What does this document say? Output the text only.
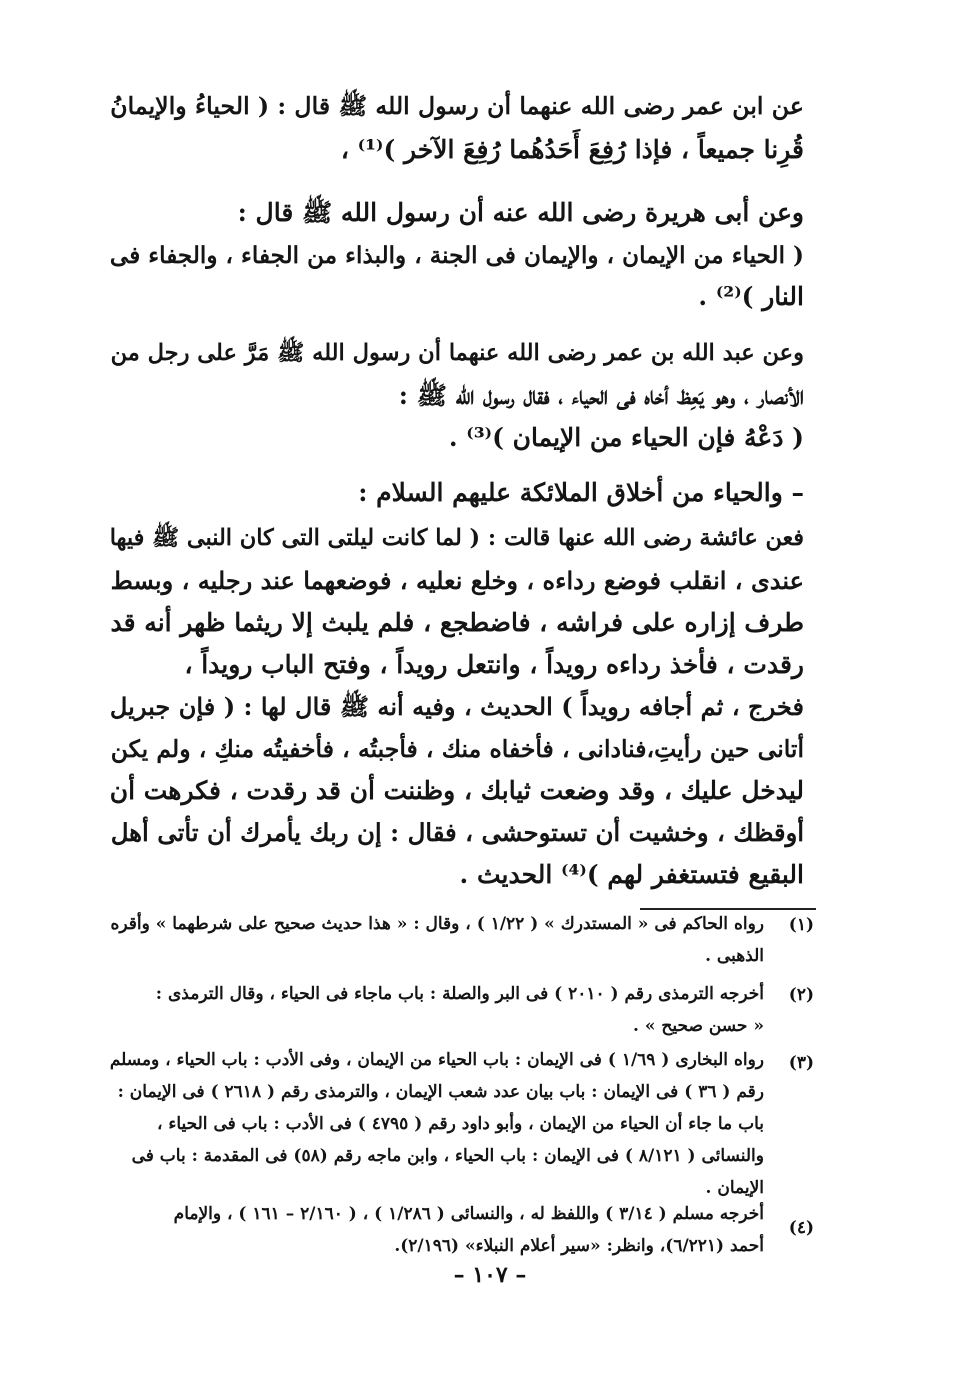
عن ابن عمر رضى الله عنهما أن رسول الله ﷺ قال : ( الحياءُ والإيمانُ
قُرِنا جميعاً ، فإذا رُفِعَ أَحَدُهُما رُفِعَ الآخر )⁽¹⁾ ،
وعن أبى هريرة رضى الله عنه أن رسول الله ﷺ قال :
( الحياء من الإيمان ، والإيمان فى الجنة ، والبذاء من الجفاء ، والجفاء فى
النار )⁽²⁾ .
وعن عبد الله بن عمر رضى الله عنهما أن رسول الله ﷺ مَرَّ على رجل من
الأنصار ، وهو يَعِظ أخاه فى الحياء ، فقال رسول الله ﷺ :
( دَعْهُ فإن الحياء من الإيمان )⁽³⁾ .
– والحياء من أخلاق الملائكة عليهم السلام :
فعن عائشة رضى الله عنها قالت : ( لما كانت ليلتى التى كان النبى ﷺ فيها
عندى ، انقلب فوضع رداءه ، وخلع نعليه ، فوضعهما عند رجليه ، وبسط
طرف إزاره على فراشه ، فاضطجع ، فلم يلبث إلا ريثما ظهر أنه قد
رقدت ، فأخذ رداءه رويداً ، وانتعل رويداً ، وفتح الباب رويداً ،
فخرج ، ثم أجافه رويداً ) الحديث ، وفيه أنه ﷺ قال لها : ( فإن جبريل
أتانى حين رأيتِ،فنادانى ، فأخفاه منك ، فأجبتُه ، فأخفيتُه منكِ ، ولم يكن
ليدخل عليك ، وقد وضعت ثيابك ، وظننت أن قد رقدت ، فكرهت أن
أوقظك ، وخشيت أن تستوحشى ، فقال : إن ربك يأمرك أن تأتى أهل
البقيع فتستغفر لهم )⁽⁴⁾ الحديث .
(١)
رواه الحاكم فى « المستدرك » ( ١/٢٢ ) ، وقال : « هذا حديث صحيح على شرطهما » وأقره
الذهبى .
(٢)
أخرجه الترمذى رقم ( ٢٠١٠ ) فى البر والصلة : باب ماجاء فى الحياء ، وقال الترمذى :
« حسن صحيح » .
(٣)
رواه البخارى ( ١/٦٩ ) فى الإيمان : باب الحياء من الإيمان ، وفى الأدب : باب الحياء ، ومسلم
رقم ( ٣٦ ) فى الإيمان : باب بيان عدد شعب الإيمان ، والترمذى رقم ( ٢٦١٨ ) فى الإيمان :
باب ما جاء أن الحياء من الإيمان ، وأبو داود رقم ( ٤٧٩٥ ) فى الأدب : باب فى الحياء ،
والنسائى ( ٨/١٢١ ) فى الإيمان : باب الحياء ، وابن ماجه رقم (٥٨) فى المقدمة : باب فى
الإيمان .
(٤)
أخرجه مسلم ( ٣/١٤ ) واللفظ له ، والنسائى ( ١/٢٨٦ ) ، ( ٢/١٦٠ – ١٦١ ) ، والإمام
أحمد (٦/٢٢١)، وانظر: «سير أعلام النبلاء» (٢/١٩٦).
– ١٠٧ –
